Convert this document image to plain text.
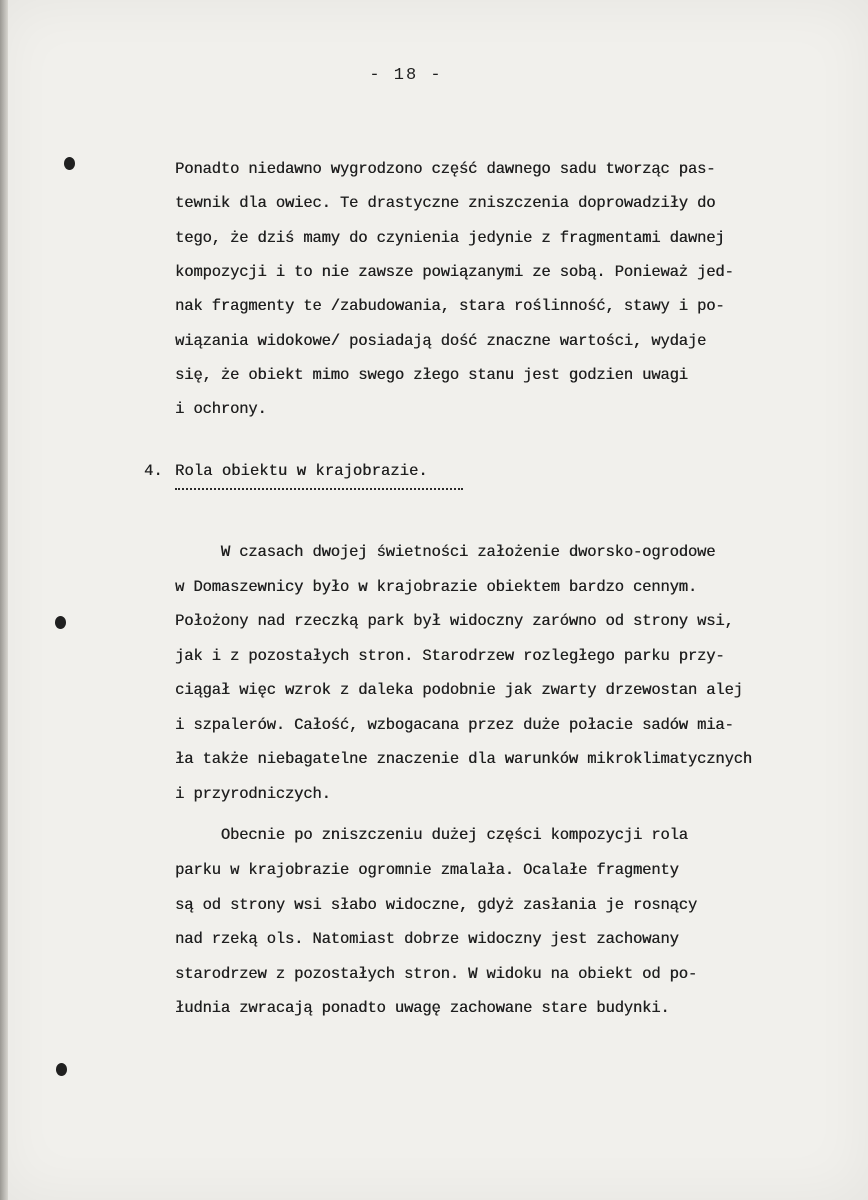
- 18 -
Ponadto niedawno wygrodzono część dawnego sadu tworząc pas-
tewnik dla owiec. Te drastyczne zniszczenia doprowadziły do
tego, że dziś mamy do czynienia jedynie z fragmentami dawnej
kompozycji i to nie zawsze powiązanymi ze sobą. Ponieważ jed-
nak fragmenty te /zabudowania, stara roślinność, stawy i po-
wiązania widokowe/ posiadają dość znaczne wartości, wydaje
się, że obiekt mimo swego złego stanu jest godzien uwagi
i ochrony.
4. Rola obiektu w krajobrazie.
W czasach dwojej świetności założenie dworsko-ogrodowe
w Domaszewnicy było w krajobrazie obiektem bardzo cennym.
Położony nad rzeczką park był widoczny zarówno od strony wsi,
jak i z pozostałych stron. Starodrzew rozległego parku przy-
ciągał więc wzrok z daleka podobnie jak zwarty drzewostan alej
i szpalerów. Całość, wzbogacana przez duże połacie sadów mia-
ła także niebagatelne znaczenie dla warunków mikroklimatycznych
i przyrodniczych.
Obecnie po zniszczeniu dużej części kompozycji rola
parku w krajobrazie ogromnie zmalała. Ocalałe fragmenty
są od strony wsi słabo widoczne, gdyż zasłania je rosnący
nad rzeką ols. Natomiast dobrze widoczny jest zachowany
starodrzew z pozostałych stron. W widoku na obiekt od po-
łudnia zwracają ponadto uwagę zachowane stare budynki.
